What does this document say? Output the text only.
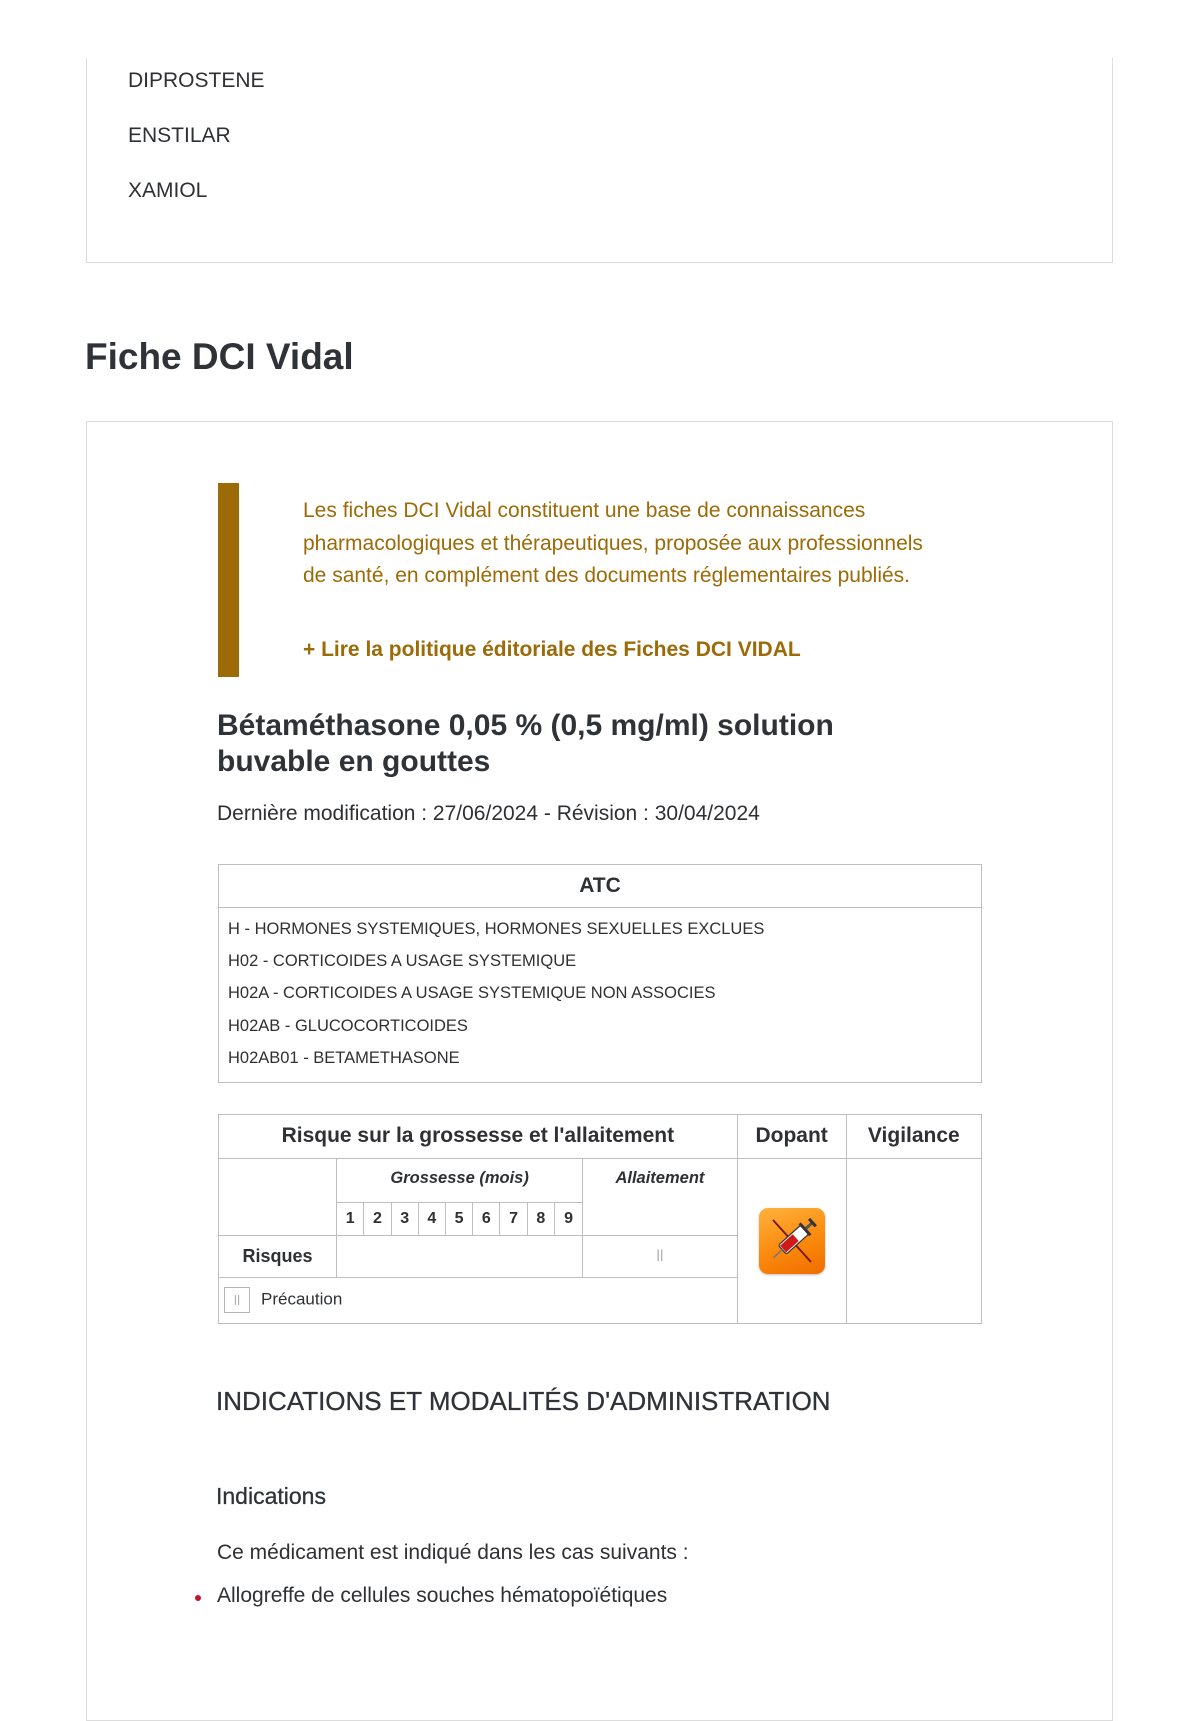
DIPROSTENE
ENSTILAR
XAMIOL
Fiche DCI Vidal

Les fiches DCI Vidal constituent une base de connaissances pharmacologiques et thérapeutiques, proposée aux professionnels de santé, en complément des documents réglementaires publiés.

+ Lire la politique éditoriale des Fiches DCI VIDAL
Bétaméthasone 0,05 % (0,5 mg/ml) solution buvable en gouttes
Dernière modification : 27/06/2024 - Révision : 30/04/2024
ATC

H - HORMONES SYSTEMIQUES, HORMONES SEXUELLES EXCLUES
H02 - CORTICOIDES A USAGE SYSTEMIQUE
H02A - CORTICOIDES A USAGE SYSTEMIQUE NON ASSOCIES
H02AB - GLUCOCORTICOIDES
H02AB01 - BETAMETHASONE
Risque sur la grossesse et l'allaitement											Dopant	Vigilance
	Grossesse (mois)									Allaitement	

	1	2	3	4	5	6	7	8	9			
Risques										ll		
ll Précaution												
INDICATIONS ET MODALITÉS D'ADMINISTRATION
Indications

Ce médicament est indiqué dans les cas suivants :

Allogreffe de cellules souches hématopoïétiques
